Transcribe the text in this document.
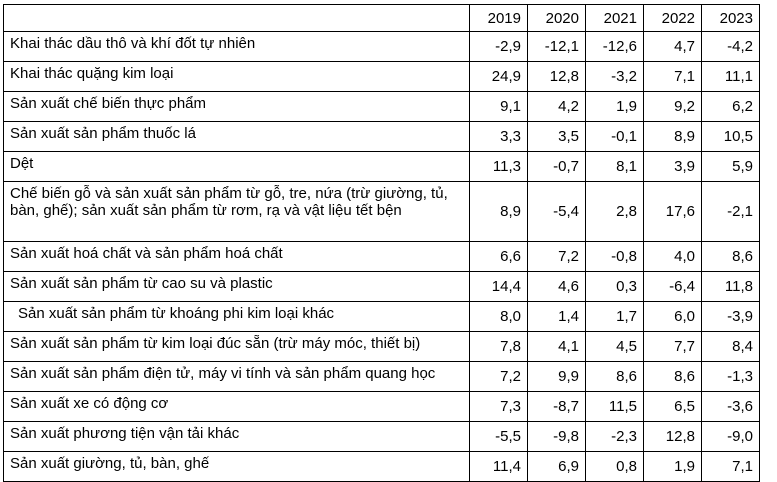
	2019	2020	2021	2022	2023
Khai thác dầu thô và khí đốt tự nhiên	-2,9	-12,1	-12,6	4,7	-4,2
Khai thác quặng kim loại	24,9	12,8	-3,2	7,1	11,1
Sản xuất chế biến thực phẩm	9,1	4,2	1,9	9,2	6,2
Sản xuất sản phẩm thuốc lá	3,3	3,5	-0,1	8,9	10,5
Dệt	11,3	-0,7	8,1	3,9	5,9
Chế biến gỗ và sản xuất sản phẩm từ gỗ, tre, nứa (trừ giường, tủ, bàn, ghế); sản xuất sản phẩm từ rơm, rạ và vật liệu tết bện	8,9	-5,4	2,8	17,6	-2,1
Sản xuất hoá chất và sản phẩm hoá chất	6,6	7,2	-0,8	4,0	8,6
Sản xuất sản phẩm từ cao su và plastic	14,4	4,6	0,3	-6,4	11,8
Sản xuất sản phẩm từ khoáng phi kim loại khác	8,0	1,4	1,7	6,0	-3,9
Sản xuất sản phẩm từ kim loại đúc sẵn (trừ máy móc, thiết bị)	7,8	4,1	4,5	7,7	8,4
Sản xuất sản phẩm điện tử, máy vi tính và sản phẩm quang học	7,2	9,9	8,6	8,6	-1,3
Sản xuất xe có động cơ	7,3	-8,7	11,5	6,5	-3,6
Sản xuất phương tiện vận tải khác	-5,5	-9,8	-2,3	12,8	-9,0
Sản xuất giường, tủ, bàn, ghế	11,4	6,9	0,8	1,9	7,1
